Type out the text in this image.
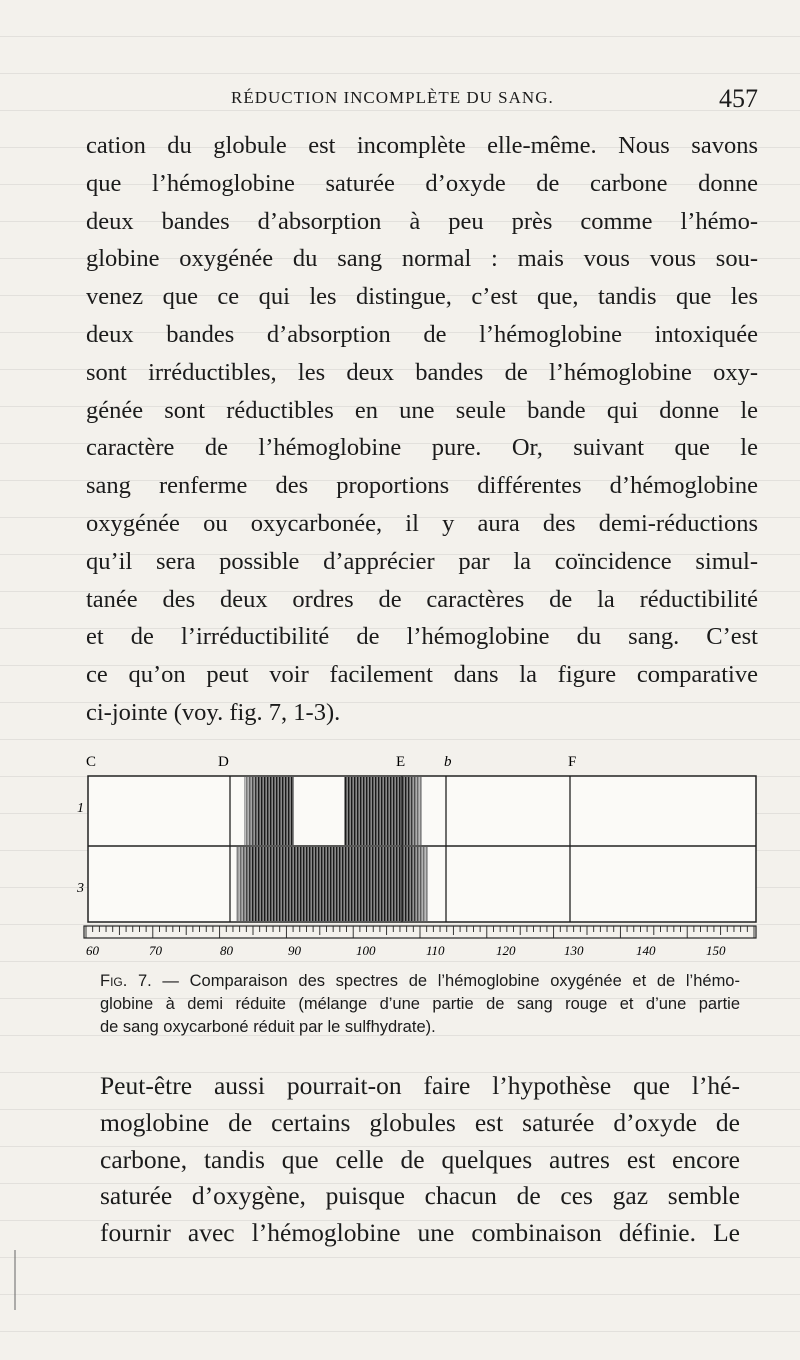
RÉDUCTION INCOMPLÈTE DU SANG.	457
cation du globule est incomplète elle-même. Nous savons
que l’hémoglobine saturée d’oxyde de carbone donne
deux bandes d’absorption à peu près comme l’hémo-
globine oxygénée du sang normal : mais vous vous sou-
venez que ce qui les distingue, c’est que, tandis que les
deux bandes d’absorption de l’hémoglobine intoxiquée
sont irréductibles, les deux bandes de l’hémoglobine oxy-
génée sont réductibles en une seule bande qui donne le
caractère de l’hémoglobine pure. Or, suivant que le
sang renferme des proportions différentes d’hémoglobine
oxygénée ou oxycarbonée, il y aura des demi-réductions
qu’il sera possible d’apprécier par la coïncidence simul-
tanée des deux ordres de caractères de la réductibilité
et de l’irréductibilité de l’hémoglobine du sang. C’est
ce qu’on peut voir facilement dans la figure comparative
ci-jointe (voy. fig. 7, 1-3).
C	D	E	b	F
1
3
60	70	80	90	100	110	120	130	140	150
Fig. 7. — Comparaison des spectres de l’hémoglobine oxygénée et de l’hémo-
globine à demi réduite (mélange d’une partie de sang rouge et d’une partie
de sang oxycarboné réduit par le sulfhydrate).
Peut-être aussi pourrait-on faire l’hypothèse que l’hé-
moglobine de certains globules est saturée d’oxyde de
carbone, tandis que celle de quelques autres est encore
saturée d’oxygène, puisque chacun de ces gaz semble
fournir avec l’hémoglobine une combinaison définie. Le
